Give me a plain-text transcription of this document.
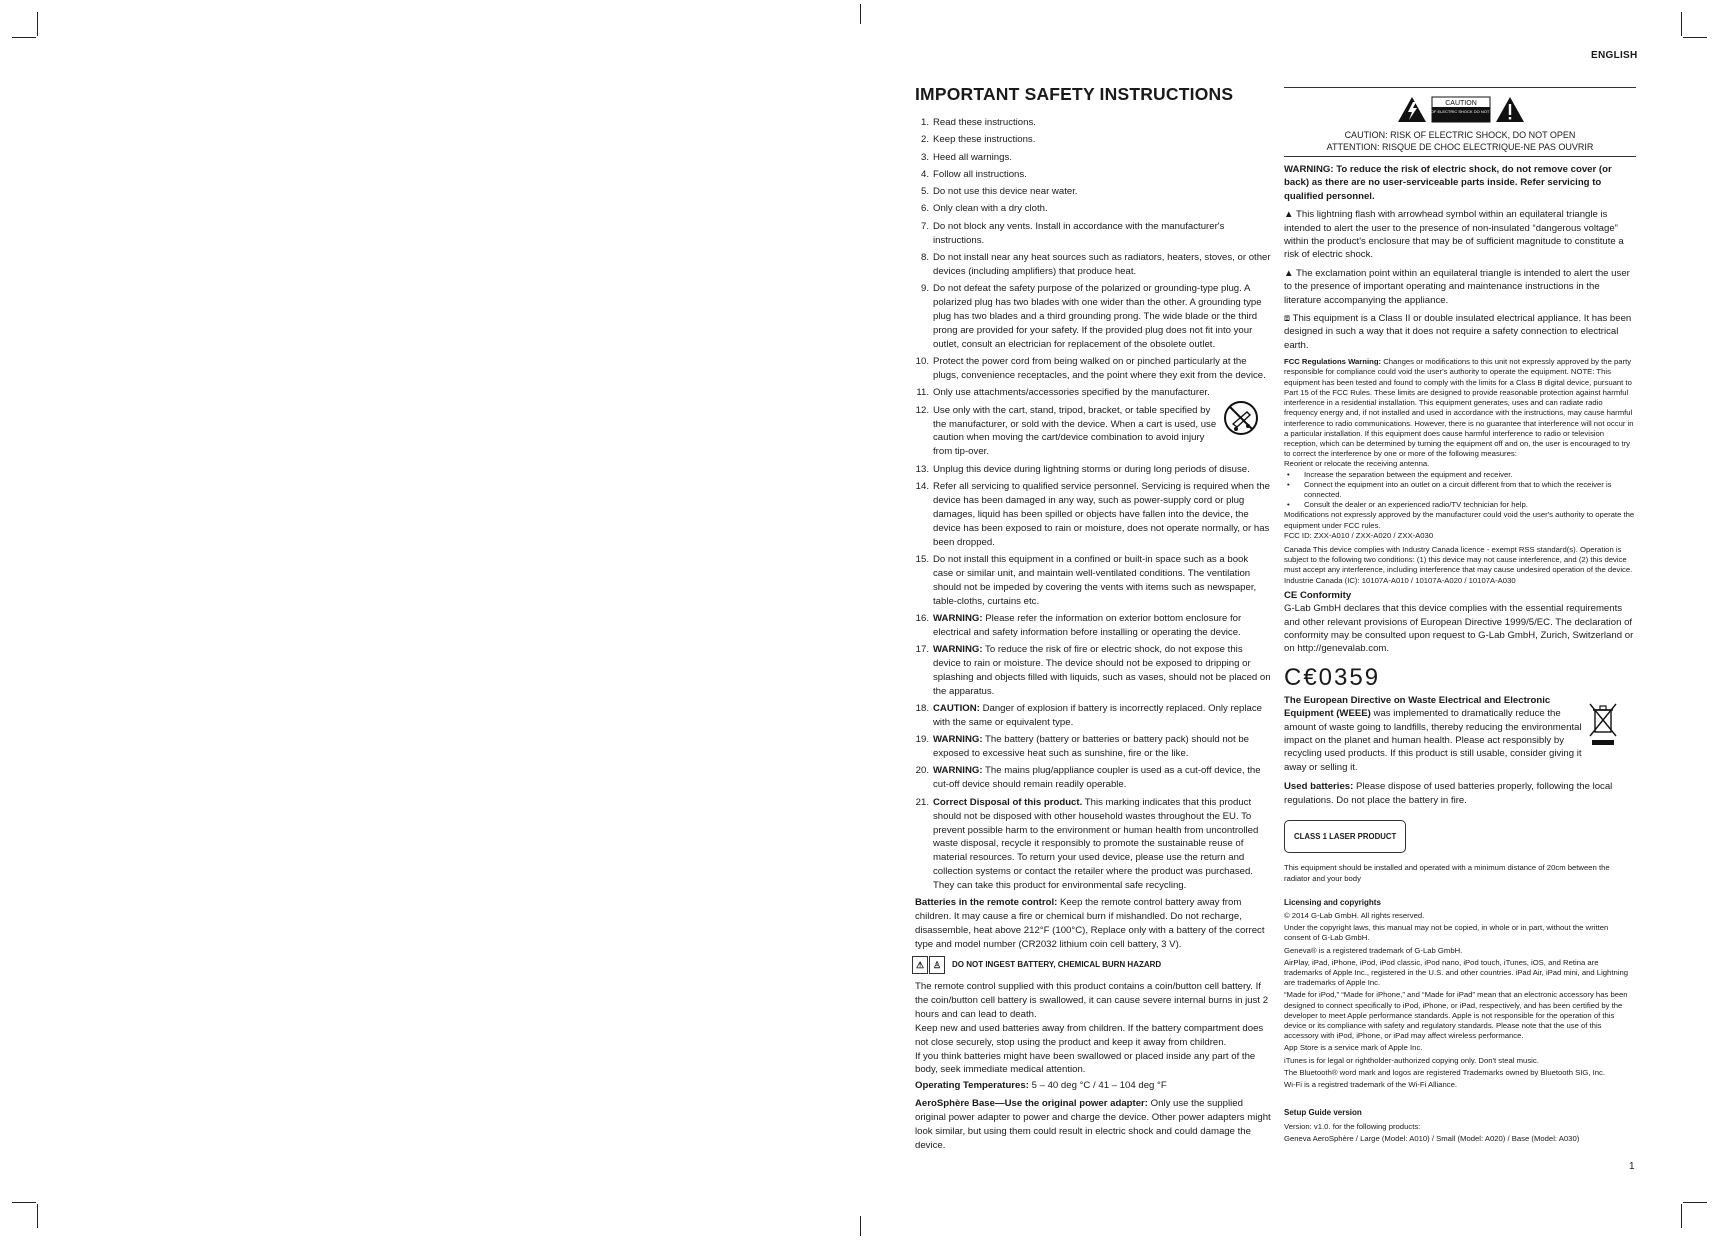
ENGLISH
1
IMPORTANT SAFETY INSTRUCTIONS
1. Read these instructions.
2. Keep these instructions.
3. Heed all warnings.
4. Follow all instructions.
5. Do not use this device near water.
6. Only clean with a dry cloth.
7. Do not block any vents. Install in accordance with the manufacturer's instructions.
8. Do not install near any heat sources such as radiators, heaters, stoves, or other devices (including amplifiers) that produce heat.
9. Do not defeat the safety purpose of the polarized or grounding-type plug. A polarized plug has two blades with one wider than the other. A grounding type plug has two blades and a third grounding prong. The wide blade or the third prong are provided for your safety. If the provided plug does not fit into your outlet, consult an electrician for replacement of the obsolete outlet.
10. Protect the power cord from being walked on or pinched particularly at the plugs, convenience receptacles, and the point where they exit from the device.
11. Only use attachments/accessories specified by the manufacturer.
12. Use only with the cart, stand, tripod, bracket, or table specified by the manufacturer, or sold with the device. When a cart is used, use caution when moving the cart/device combination to avoid injury from tip-over.
13. Unplug this device during lightning storms or during long periods of disuse.
14. Refer all servicing to qualified service personnel. Servicing is required when the device has been damaged in any way, such as power-supply cord or plug damages, liquid has been spilled or objects have fallen into the device, the device has been exposed to rain or moisture, does not operate normally, or has been dropped.
15. Do not install this equipment in a confined or built-in space such as a book case or similar unit, and maintain well-ventilated conditions. The ventilation should not be impeded by covering the vents with items such as newspaper, table-cloths, curtains etc.
16. WARNING: Please refer the information on exterior bottom enclosure for electrical and safety information before installing or operating the device.
17. WARNING: To reduce the risk of fire or electric shock, do not expose this device to rain or moisture. The device should not be exposed to dripping or splashing and objects filled with liquids, such as vases, should not be placed on the apparatus.
18. CAUTION: Danger of explosion if battery is incorrectly replaced. Only replace with the same or equivalent type.
19. WARNING: The battery (battery or batteries or battery pack) should not be exposed to excessive heat such as sunshine, fire or the like.
20. WARNING: The mains plug/appliance coupler is used as a cut-off device, the cut-off device should remain readily operable.
21. Correct Disposal of this product. This marking indicates that this product should not be disposed with other household wastes throughout the EU. To prevent possible harm to the environment or human health from uncontrolled waste disposal, recycle it responsibly to promote the sustainable reuse of material resources. To return your used device, please use the return and collection systems or contact the retailer where the product was purchased. They can take this product for environmental safe recycling.

Batteries in the remote control: Keep the remote control battery away from children. It may cause a fire or chemical burn if mishandled. Do not recharge, disassemble, heat above 212°F (100°C), Replace only with a battery of the correct type and model number (CR2032 lithium coin cell battery, 3 V).

⚠ ♙	DO NOT INGEST BATTERY, CHEMICAL BURN HAZARD
The remote control supplied with this product contains a coin/button cell battery. If the coin/button cell battery is swallowed, it can cause severe internal burns in just 2 hours and can lead to death.
Keep new and used batteries away from children. If the battery compartment does not close securely, stop using the product and keep it away from children.
If you think batteries might have been swallowed or placed inside any part of the body, seek immediate medical attention.

Operating Temperatures: 5 – 40 deg °C / 41 – 104 deg °F

AeroSphère Base—Use the original power adapter: Only use the supplied original power adapter to power and charge the device. Other power adapters might look similar, but using them could result in electric shock and could damage the device.

CAUTION
RISK OF ELECTRIC SHOCK DO NOT OPEN
CAUTION: RISK OF ELECTRIC SHOCK, DO NOT OPEN
ATTENTION: RISQUE DE CHOC ELECTRIQUE-NE PAS OUVRIR

WARNING: To reduce the risk of electric shock, do not remove cover (or back) as there are no user-serviceable parts inside. Refer servicing to qualified personnel.

▲ This lightning flash with arrowhead symbol within an equilateral triangle is intended to alert the user to the presence of non-insulated “dangerous voltage” within the product's enclosure that may be of sufficient magnitude to constitute a risk of electric shock.

▲ The exclamation point within an equilateral triangle is intended to alert the user to the presence of important operating and maintenance instructions in the literature accompanying the appliance.

⧈ This equipment is a Class II or double insulated electrical appliance. It has been designed in such a way that it does not require a safety connection to electrical earth.

FCC Regulations Warning: Changes or modifications to this unit not expressly approved by the party responsible for compliance could void the user's authority to operate the equipment. NOTE: This equipment has been tested and found to comply with the limits for a Class B digital device, pursuant to Part 15 of the FCC Rules. These limits are designed to provide reasonable protection against harmful interference in a residential installation. This equipment generates, uses and can radiate radio frequency energy and, if not installed and used in accordance with the instructions, may cause harmful interference to radio communications. However, there is no guarantee that interference will not occur in a particular installation. If this equipment does cause harmful interference to radio or television reception, which can be determined by turning the equipment off and on, the user is encouraged to try to correct the interference by one or more of the following measures:

Reorient or relocate the receiving antenna.

• Increase the separation between the equipment and receiver.

• Connect the equipment into an outlet on a circuit different from that to which the receiver is connected.

• Consult the dealer or an experienced radio/TV technician for help.

Modifications not expressly approved by the manufacturer could void the user's authority to operate the equipment under FCC rules.

FCC ID: ZXX-A010 / ZXX-A020 / ZXX-A030

Canada This device complies with Industry Canada licence - exempt RSS standard(s). Operation is subject to the following two conditions: (1) this device may not cause interference, and (2) this device must accept any interference, including interference that may cause undesired operation of the device.

Industrie Canada (IC): 10107A-A010 / 10107A-A020 / 10107A-A030

CE Conformity

G-Lab GmbH declares that this device complies with the essential requirements and other relevant provisions of European Directive 1999/5/EC. The declaration of conformity may be consulted upon request to G-Lab GmbH, Zurich, Switzerland or on http://genevalab.com.

C€0359

The European Directive on Waste Electrical and Electronic Equipment (WEEE) was implemented to dramatically reduce the amount of waste going to landfills, thereby reducing the environmental impact on the planet and human health. Please act responsibly by recycling used products. If this product is still usable, consider giving it away or selling it.

Used batteries: Please dispose of used batteries properly, following the local regulations. Do not place the battery in fire.

CLASS 1 LASER PRODUCT

This equipment should be installed and operated with a minimum distance of 20cm between the radiator and your body

Licensing and copyrights

© 2014 G-Lab GmbH. All rights reserved.

Under the copyright laws, this manual may not be copied, in whole or in part, without the written consent of G-Lab GmbH.

Geneva® is a registered trademark of G-Lab GmbH.

AirPlay, iPad, iPhone, iPod, iPod classic, iPod nano, iPod touch, iTunes, iOS, and Retina are trademarks of Apple Inc., registered in the U.S. and other countries. iPad Air, iPad mini, and Lightning are trademarks of Apple Inc.

“Made for iPod,” “Made for iPhone,” and “Made for iPad” mean that an electronic accessory has been designed to connect specifically to iPod, iPhone, or iPad, respectively, and has been certified by the developer to meet Apple performance standards. Apple is not responsible for the operation of this device or its compliance with safety and regulatory standards. Please note that the use of this accessory with iPod, iPhone, or iPad may affect wireless performance.

App Store is a service mark of Apple Inc.

iTunes is for legal or rightholder-authorized copying only. Don't steal music.

The Bluetooth® word mark and logos are registered Trademarks owned by Bluetooth SIG, Inc.

Wi-Fi is a registred trademark of the Wi-Fi Alliance.

Setup Guide version

Version: v1.0. for the following products:

Geneva AeroSphère / Large (Model: A010) / Small (Model: A020) / Base (Model: A030)
